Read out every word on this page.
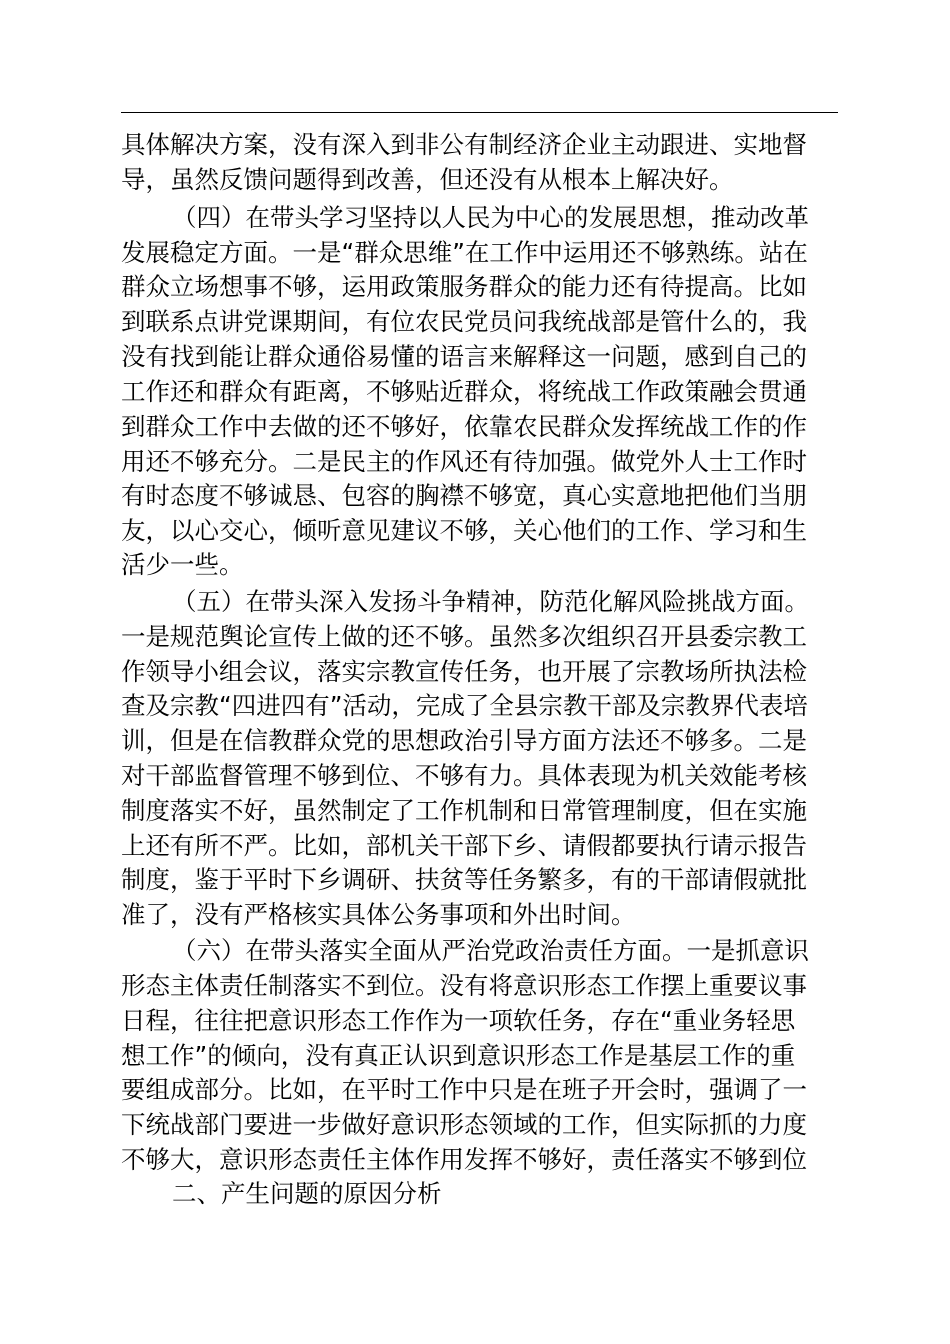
具体解决方案，没有深入到非公有制经济企业主动跟进、实地督
导，虽然反馈问题得到改善，但还没有从根本上解决好。
（四）在带头学习坚持以人民为中心的发展思想，推动改革
发展稳定方面。一是“群众思维”在工作中运用还不够熟练。站在
群众立场想事不够，运用政策服务群众的能力还有待提高。比如
到联系点讲党课期间，有位农民党员问我统战部是管什么的，我
没有找到能让群众通俗易懂的语言来解释这一问题，感到自己的
工作还和群众有距离，不够贴近群众，将统战工作政策融会贯通
到群众工作中去做的还不够好，依靠农民群众发挥统战工作的作
用还不够充分。二是民主的作风还有待加强。做党外人士工作时
有时态度不够诚恳、包容的胸襟不够宽，真心实意地把他们当朋
友，以心交心，倾听意见建议不够，关心他们的工作、学习和生
活少一些。
（五）在带头深入发扬斗争精神，防范化解风险挑战方面。
一是规范舆论宣传上做的还不够。虽然多次组织召开县委宗教工
作领导小组会议，落实宗教宣传任务，也开展了宗教场所执法检
查及宗教“四进四有”活动，完成了全县宗教干部及宗教界代表培
训，但是在信教群众党的思想政治引导方面方法还不够多。二是
对干部监督管理不够到位、不够有力。具体表现为机关效能考核
制度落实不好，虽然制定了工作机制和日常管理制度，但在实施
上还有所不严。比如，部机关干部下乡、请假都要执行请示报告
制度，鉴于平时下乡调研、扶贫等任务繁多，有的干部请假就批
准了，没有严格核实具体公务事项和外出时间。
（六）在带头落实全面从严治党政治责任方面。一是抓意识
形态主体责任制落实不到位。没有将意识形态工作摆上重要议事
日程，往往把意识形态工作作为一项软任务，存在“重业务轻思
想工作”的倾向，没有真正认识到意识形态工作是基层工作的重
要组成部分。比如，在平时工作中只是在班子开会时，强调了一
下统战部门要进一步做好意识形态领域的工作，但实际抓的力度
不够大，意识形态责任主体作用发挥不够好，责任落实不够到位
二、产生问题的原因分析
